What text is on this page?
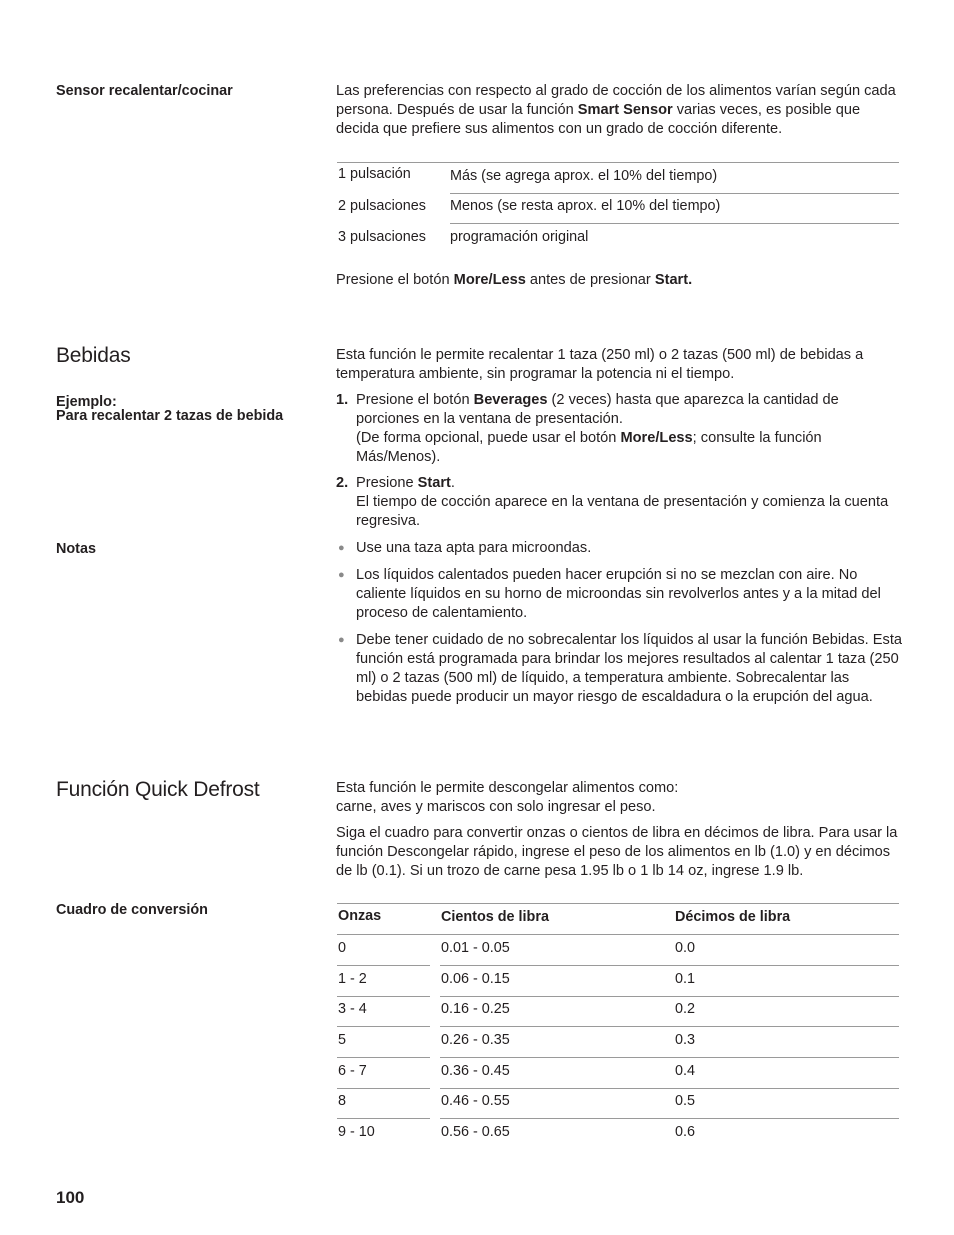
Sensor recalentar/cocinar	Las preferencias con respecto al grado de cocción de los alimentos varían según cada persona. Después de usar la función Smart Sensor varias veces, es posible que decida que prefiere sus alimentos con un grado de cocción diferente.

1 pulsación	Más (se agrega aprox. el 10% del tiempo)
2 pulsaciones Menos (se resta aprox. el 10% del tiempo)
3 pulsaciones programación original

Presione el botón More/Less antes de presionar Start.

Bebidas	Esta función le permite recalentar 1 taza (250 ml) o 2 tazas (500 ml) de bebidas a temperatura ambiente, sin programar la potencia ni el tiempo.
Ejemplo:
Para recalentar 2 tazas de bebida
1. Presione el botón Beverages (2 veces) hasta que aparezca la cantidad de porciones en la ventana de presentación.

(De forma opcional, puede usar el botón More/Less; consulte la función Más/Menos).

2. Presione Start.

El tiempo de cocción aparece en la ventana de presentación y comienza la cuenta regresiva.

Notas	● Use una taza apta para microondas.

● Los líquidos calentados pueden hacer erupción si no se mezclan con aire. No caliente líquidos en su horno de microondas sin revolverlos antes y a la mitad del proceso de calentamiento.

● Debe tener cuidado de no sobrecalentar los líquidos al usar la función Bebidas. Esta función está programada para brindar los mejores resultados al calentar 1 taza (250 ml) o 2 tazas (500 ml) de líquido, a temperatura ambiente. Sobrecalentar las bebidas puede producir un mayor riesgo de escaldadura o la erupción del agua.

Función Quick Defrost	Esta función le permite descongelar alimentos como:

carne, aves y mariscos con solo ingresar el peso.

Siga el cuadro para convertir onzas o cientos de libra en décimos de libra. Para usar la función Descongelar rápido, ingrese el peso de los alimentos en lb (1.0) y en décimos de lb (0.1). Si un trozo de carne pesa 1.95 lb o 1 lb 14 oz, ingrese 1.9 lb.

Cuadro de conversión	Onzas	Cientos de libra	Décimos de libra
0	0.01 - 0.05	0.0
1 - 2	0.06 - 0.15	0.1
3 - 4	0.16 - 0.25	0.2
5	0.26 - 0.35	0.3
6 - 7	0.36 - 0.45	0.4
8	0.46 - 0.55	0.5
9 - 10	0.56 - 0.65	0.6
100
